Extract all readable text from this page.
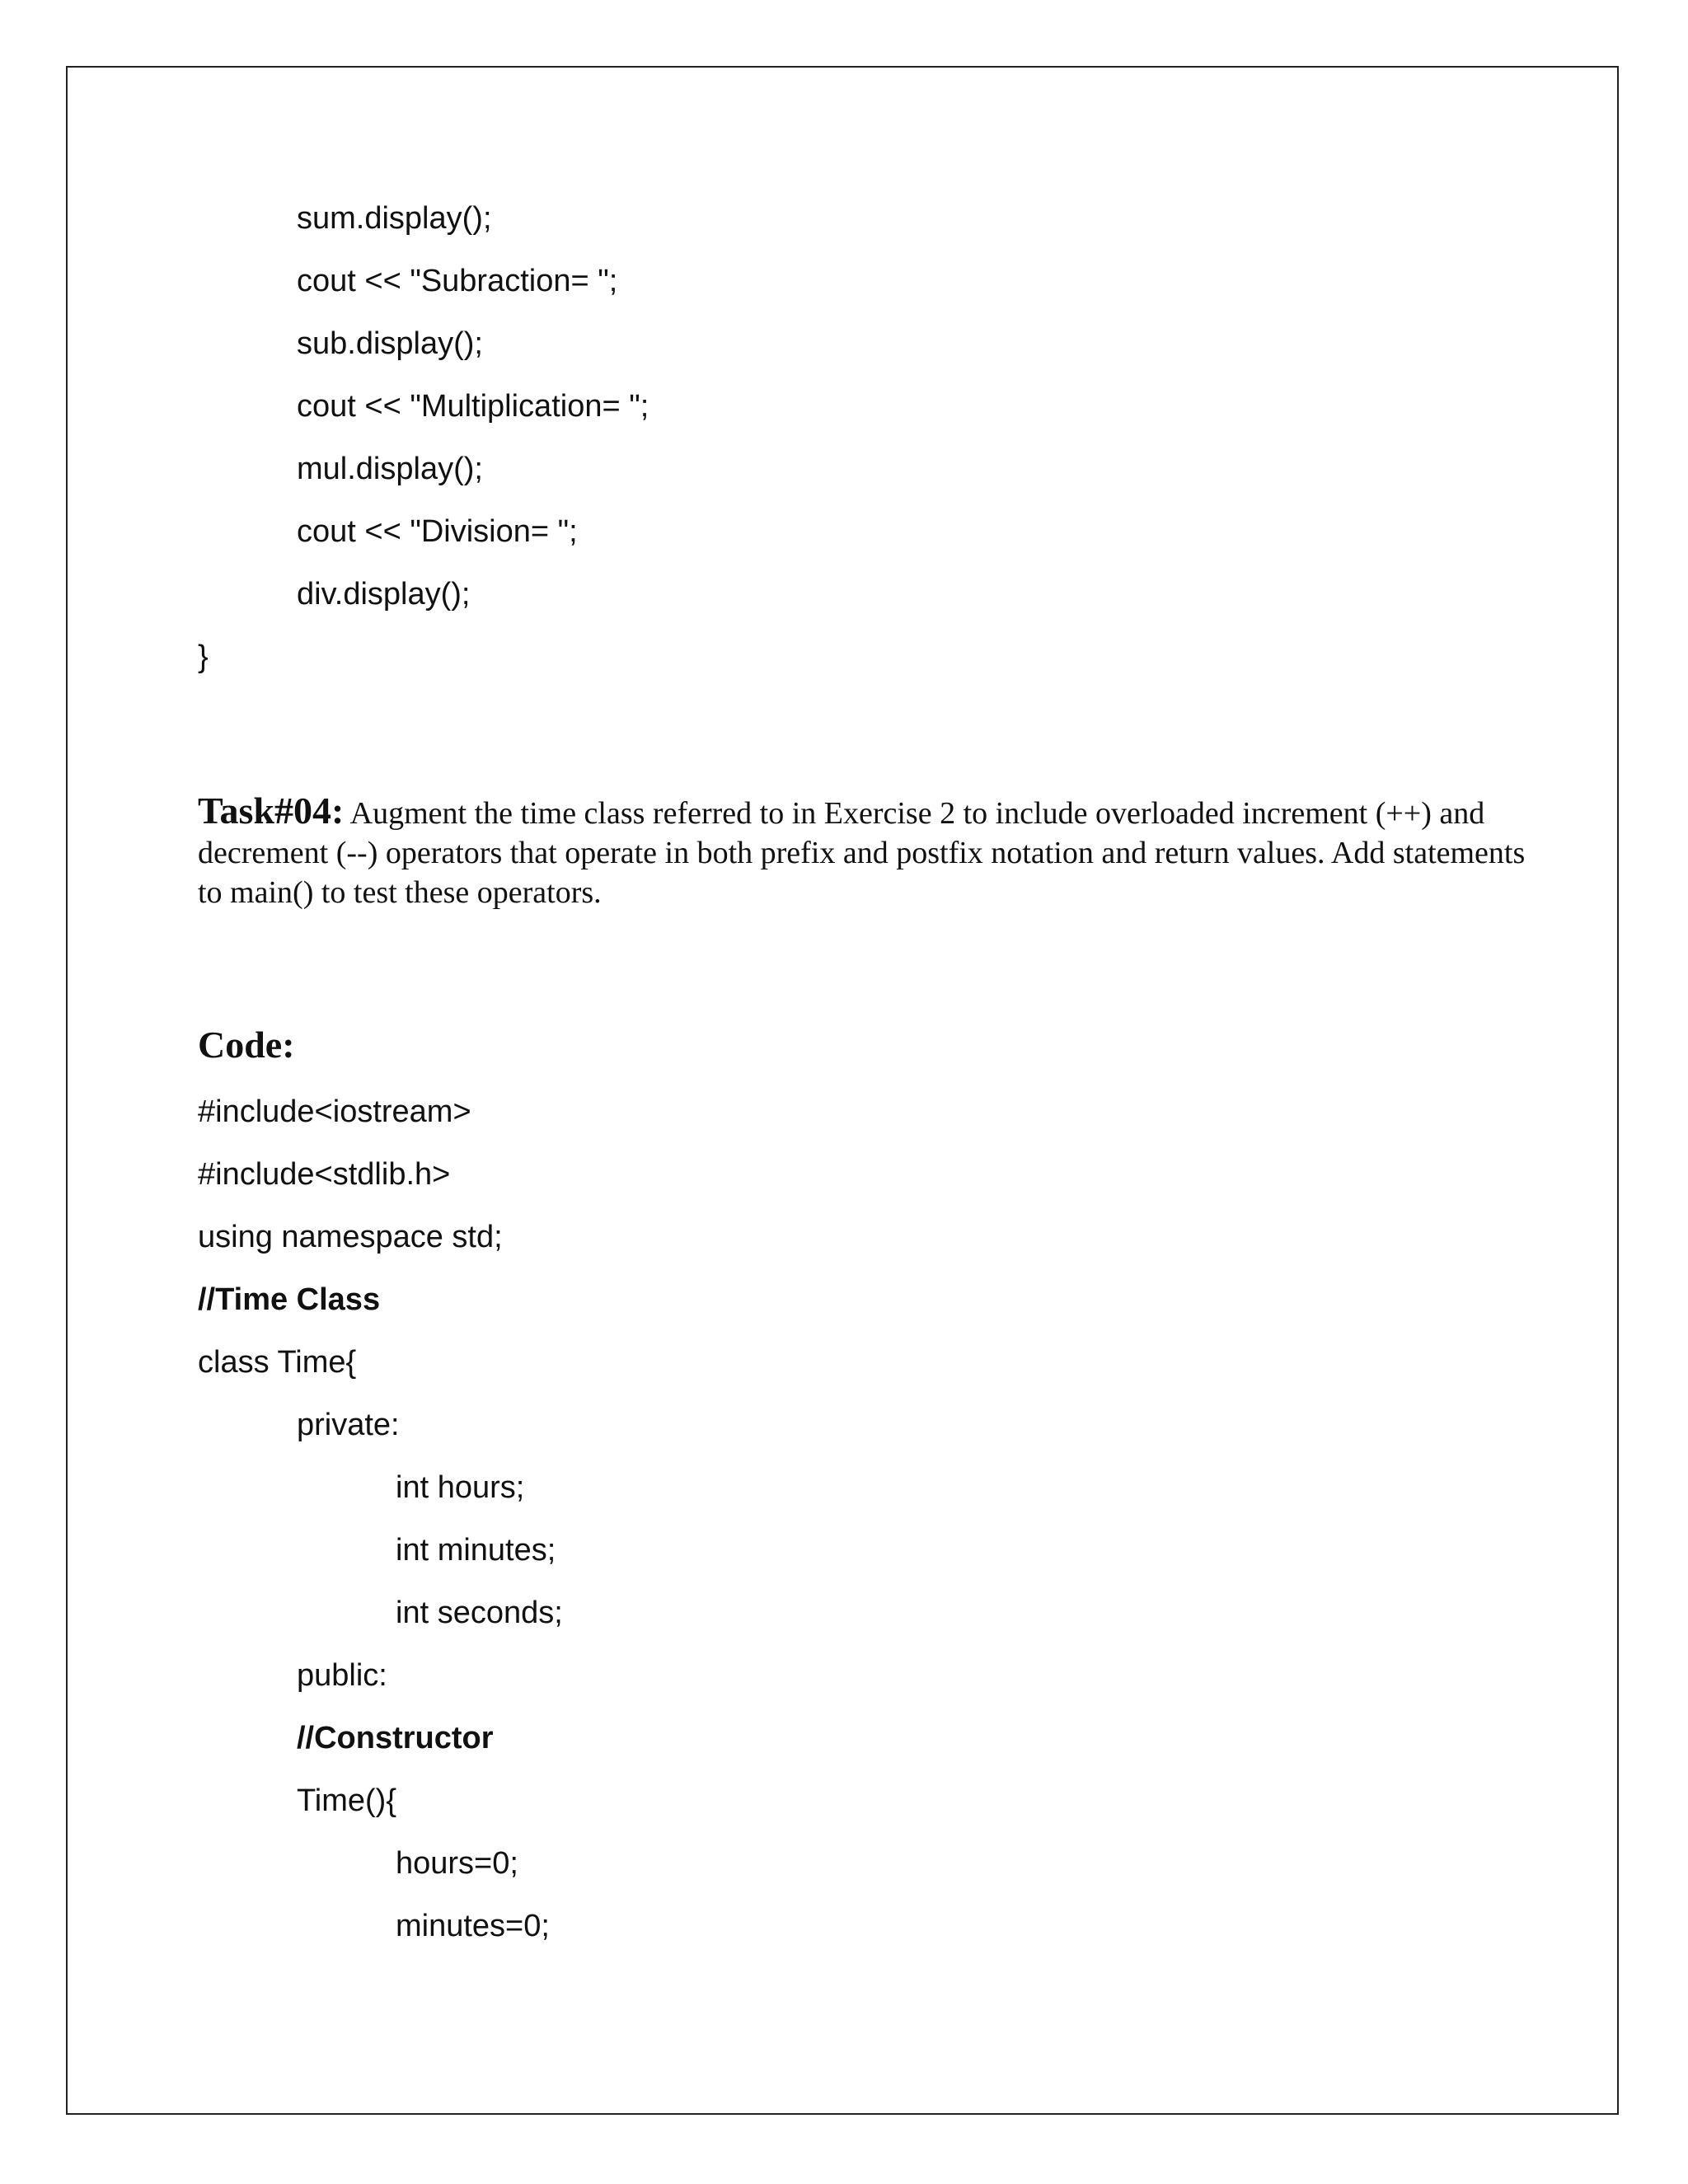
sum.display();
cout << "Subraction= ";
sub.display();
cout << "Multiplication= ";
mul.display();
cout << "Division= ";
div.display();
}
Task#04: Augment the time class referred to in Exercise 2 to include overloaded increment (++) and decrement (--) operators that operate in both prefix and postfix notation and return values. Add statements to main() to test these operators.
Code:
#include<iostream>
#include<stdlib.h>
using namespace std;
//Time Class
class Time{
private:
int hours;
int minutes;
int seconds;
public:
//Constructor
Time(){
hours=0;
minutes=0;
